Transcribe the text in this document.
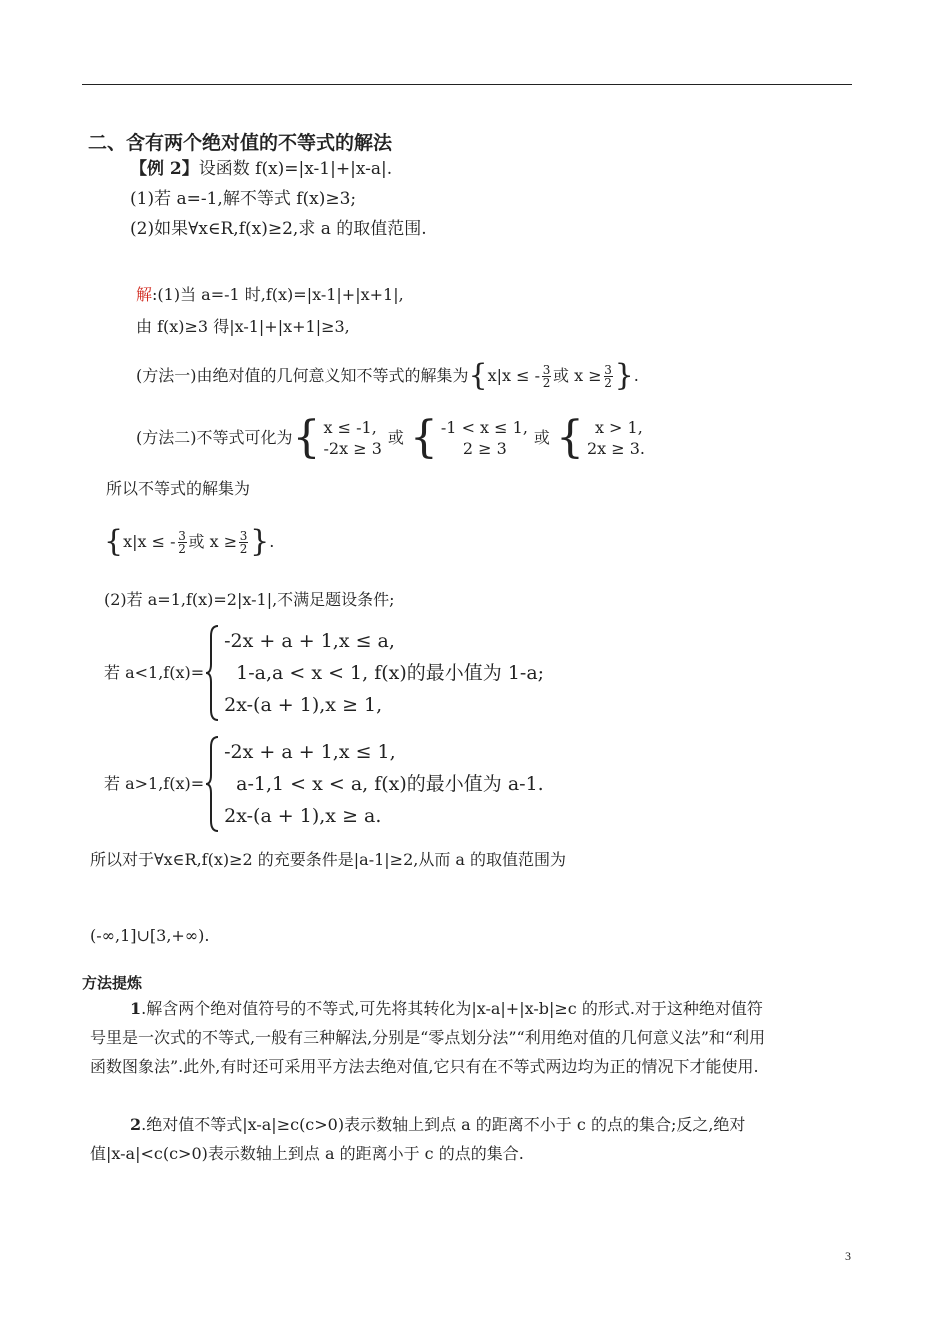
二、含有两个绝对值的不等式的解法
【例 2】设函数 f(x)=|x-1|+|x-a|.
(1)若 a=-1,解不等式 f(x)≥3;
(2)如果∀x∈R,f(x)≥2,求 a 的取值范围.
解:(1)当 a=-1 时,f(x)=|x-1|+|x+1|,
由 f(x)≥3 得|x-1|+|x+1|≥3,
(方法一)由绝对值的几何意义知不等式的解集为 { x|x ≤ - $\frac{3}{2}$ 或 $x \ge \frac{3}{2}$ } .
(方法二)不等式可化为 { x ≤ -1,
-2x ≥ 3
或 { -1 < x ≤ 1,
2 ≥ 3
或 { x > 1,
2x ≥ 3.
所以不等式的解集为
{ x|x ≤ - $\frac{3}{2}$ 或 $x \ge \frac{3}{2}$ } .
(2)若 a=1,f(x)=2|x-1|,不满足题设条件;
若 a<1,f(x)=
-2x + a + 1,x ≤ a,
1-a,a < x < 1, f(x)的最小值为 1-a;
2x-(a + 1),x ≥ 1,
若 a>1,f(x)=
-2x + a + 1,x ≤ 1,
a-1,1 < x < a, f(x)的最小值为 a-1.
2x-(a + 1),x ≥ a.
所以对于∀x∈R,f(x)≥2 的充要条件是|a-1|≥2,从而 a 的取值范围为
(-∞,1]∪[3,+∞).
方法提炼
1.解含两个绝对值符号的不等式,可先将其转化为|x-a|+|x-b|≥c 的形式.对于这种绝对值符号里是一次式的不等式,一般有三种解法,分别是“零点划分法”“利用绝对值的几何意义法”和“利用函数图象法”.此外,有时还可采用平方法去绝对值,它只有在不等式两边均为正的情况下才能使用.
2.绝对值不等式|x-a|≥c(c>0)表示数轴上到点 a 的距离不小于 c 的点的集合;反之,绝对值|x-a|<c(c>0)表示数轴上到点 a 的距离小于 c 的点的集合.
3
